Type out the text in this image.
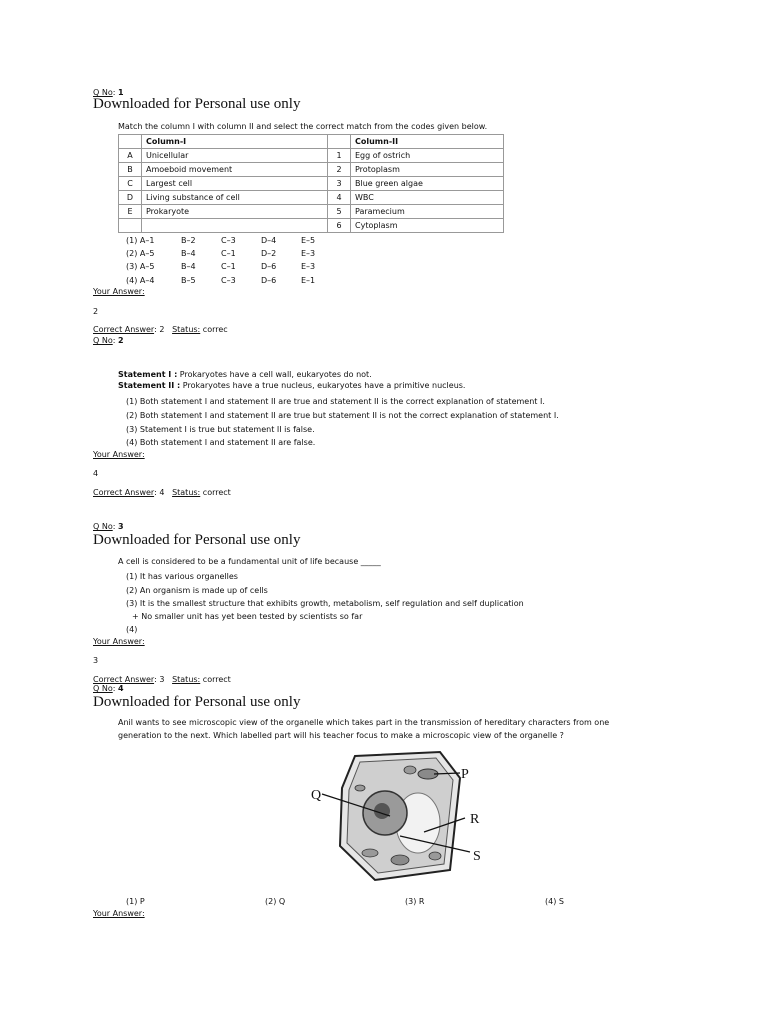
Q No: 1
Downloaded for Personal use only
Match the column I with column II and select the correct match from the codes given below.
	Column-I		Column-II
A	Unicellular	1	Egg of ostrich
B	Amoeboid movement	2	Protoplasm
C	Largest cell	3	Blue green algae
D	Living substance of cell	4	WBC
E	Prokaryote	5	Paramecium
		6	Cytoplasm
(1) A–1	B–2	C–3	D–4	E–5
(2) A–5	B–4	C–1	D–2	E–3
(3) A–5	B–4	C–1	D–6	E–3
(4) A–4	B–5	C–3	D–6	E–1
Your Answer:
2
Correct Answer: 2 Status: correc
Q No: 2
Statement I : Prokaryotes have a cell wall, eukaryotes do not.
Statement II : Prokaryotes have a true nucleus, eukaryotes have a primitive nucleus.
(1) Both statement I and statement II are true and statement II is the correct explanation of statement I.
(2) Both statement I and statement II are true but statement II is not the correct explanation of statement I.
(3) Statement I is true but statement II is false.
(4) Both statement I and statement II are false.
Your Answer:
4
Correct Answer: 4 Status: correct
Q No: 3
Downloaded for Personal use only
A cell is considered to be a fundamental unit of life because _____
(1) It has various organelles
(2) An organism is made up of cells
(3) It is the smallest structure that exhibits growth, metabolism, self regulation and self duplication
+ No smaller unit has yet been tested by scientists so far
(4)
Your Answer:
3
Correct Answer: 3 Status: correct
Q No: 4
Downloaded for Personal use only
Anil wants to see microscopic view of the organelle which takes part in the transmission of hereditary characters from one
generation to the next. Which labelled part will his teacher focus to make a microscopic view of the organelle ?
P
Q
R
S
(1) P	(2) Q	(3) R	(4) S
Your Answer:
